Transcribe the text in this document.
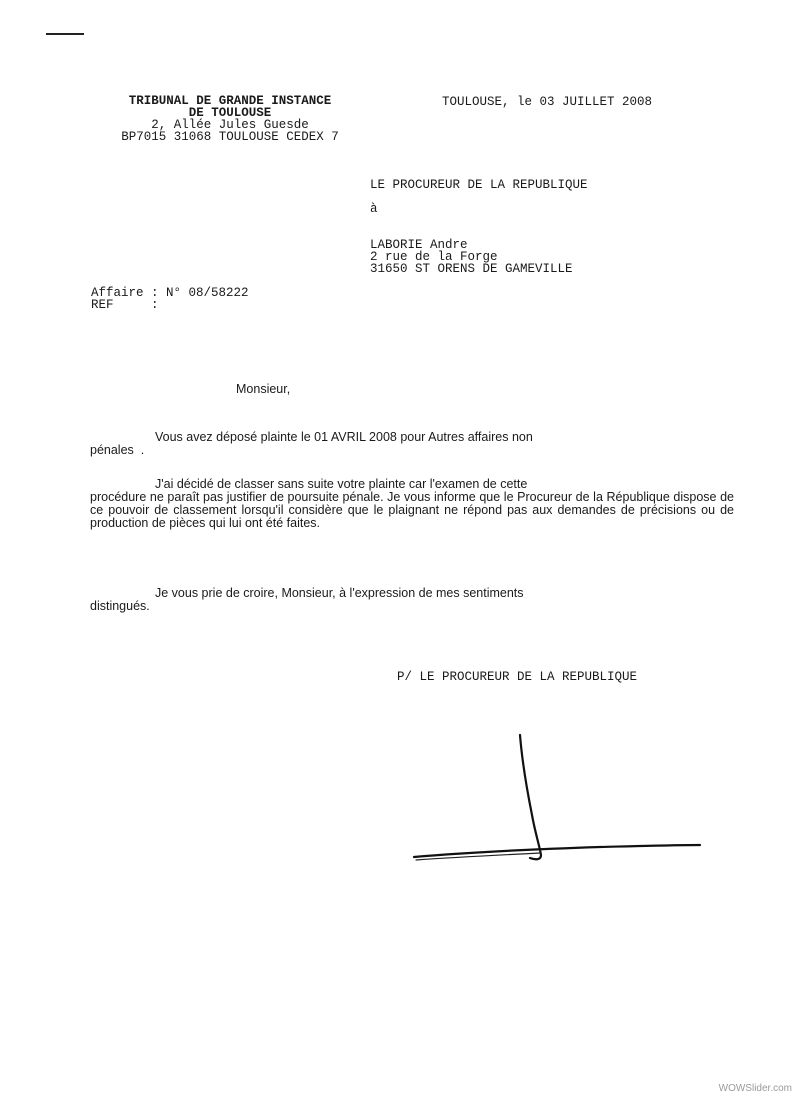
TRIBUNAL DE GRANDE INSTANCE
DE TOULOUSE
2, Allée Jules Guesde
BP7015 31068 TOULOUSE CEDEX 7
TOULOUSE, le 03 JUILLET 2008
LE PROCUREUR DE LA REPUBLIQUE
à
LABORIE Andre
2 rue de la Forge
31650 ST ORENS DE GAMEVILLE
Affaire : N° 08/58222
REF     :
Monsieur,
Vous avez déposé plainte le 01 AVRIL 2008 pour Autres affaires non
pénales  .
J'ai décidé de classer sans suite votre plainte car l'examen de cette
procédure ne paraît pas justifier de poursuite pénale. Je vous informe que le Procureur de la République dispose de ce pouvoir de classement lorsqu'il considère que le plaignant ne répond pas aux demandes de précisions ou de production de pièces qui lui ont été faites.
Je vous prie de croire, Monsieur, à l'expression de mes sentiments
distingués.
P/ LE PROCUREUR DE LA REPUBLIQUE
WOWSlider.com
